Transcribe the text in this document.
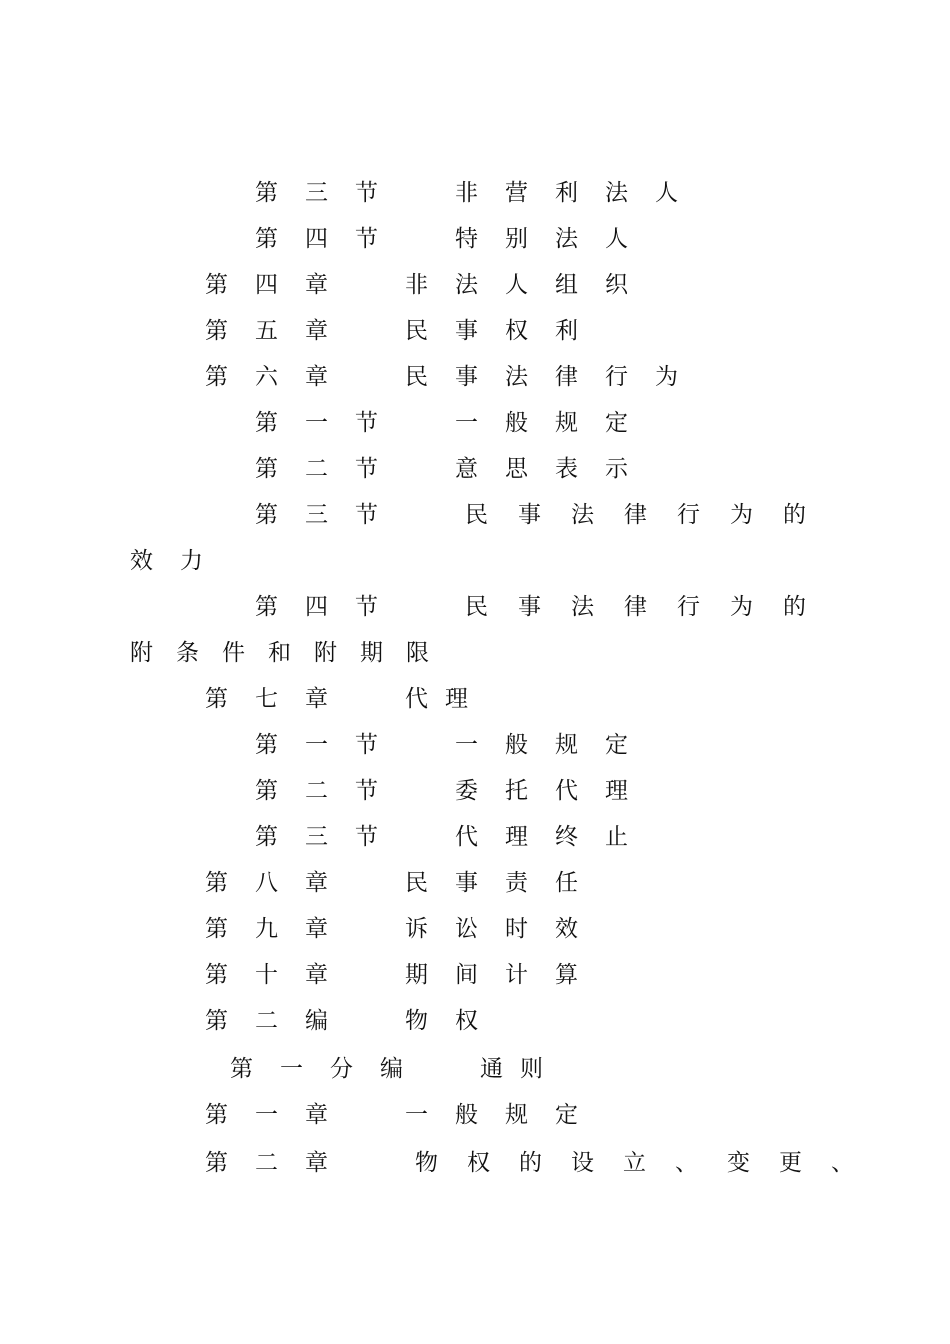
第三节	非营利法人
第四节	特别法人
第四章	非法人组织
第五章	民事权利
第六章	民事法律行为
第一节	一般规定
第二节	意思表示
第三节	民事法律行为的
效力
第四节	民事法律行为的
附条件和附期限
第七章	代理
第一节	一般规定
第二节	委托代理
第三节	代理终止
第八章	民事责任
第九章	诉讼时效
第十章	期间计算
第二编	物权
第一分编	通则
第一章	一般规定
第二章	物权的设立、变更、
